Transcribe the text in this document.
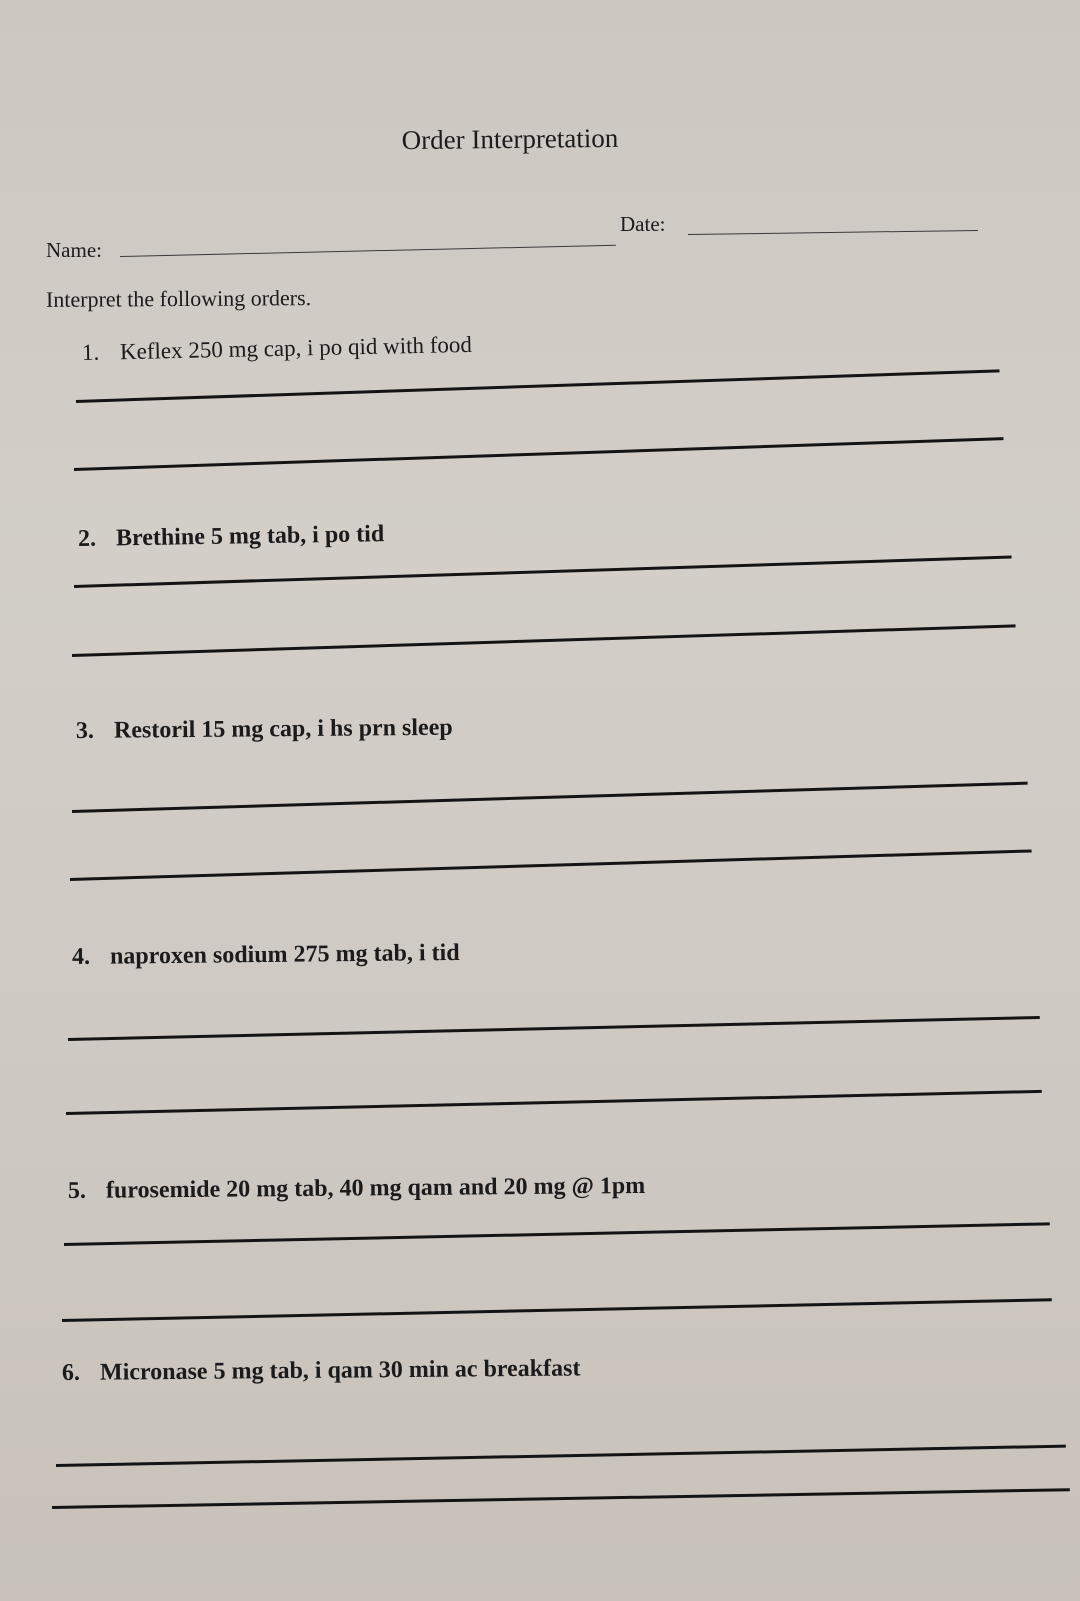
Order Interpretation
Date:
Name:
Interpret the following orders.
1. Keflex 250 mg cap, i po qid with food
2. Brethine 5 mg tab, i po tid
3. Restoril 15 mg cap, i hs prn sleep
4. naproxen sodium 275 mg tab, i tid
5. furosemide 20 mg tab, 40 mg qam and 20 mg @ 1pm
6. Micronase 5 mg tab, i qam 30 min ac breakfast
